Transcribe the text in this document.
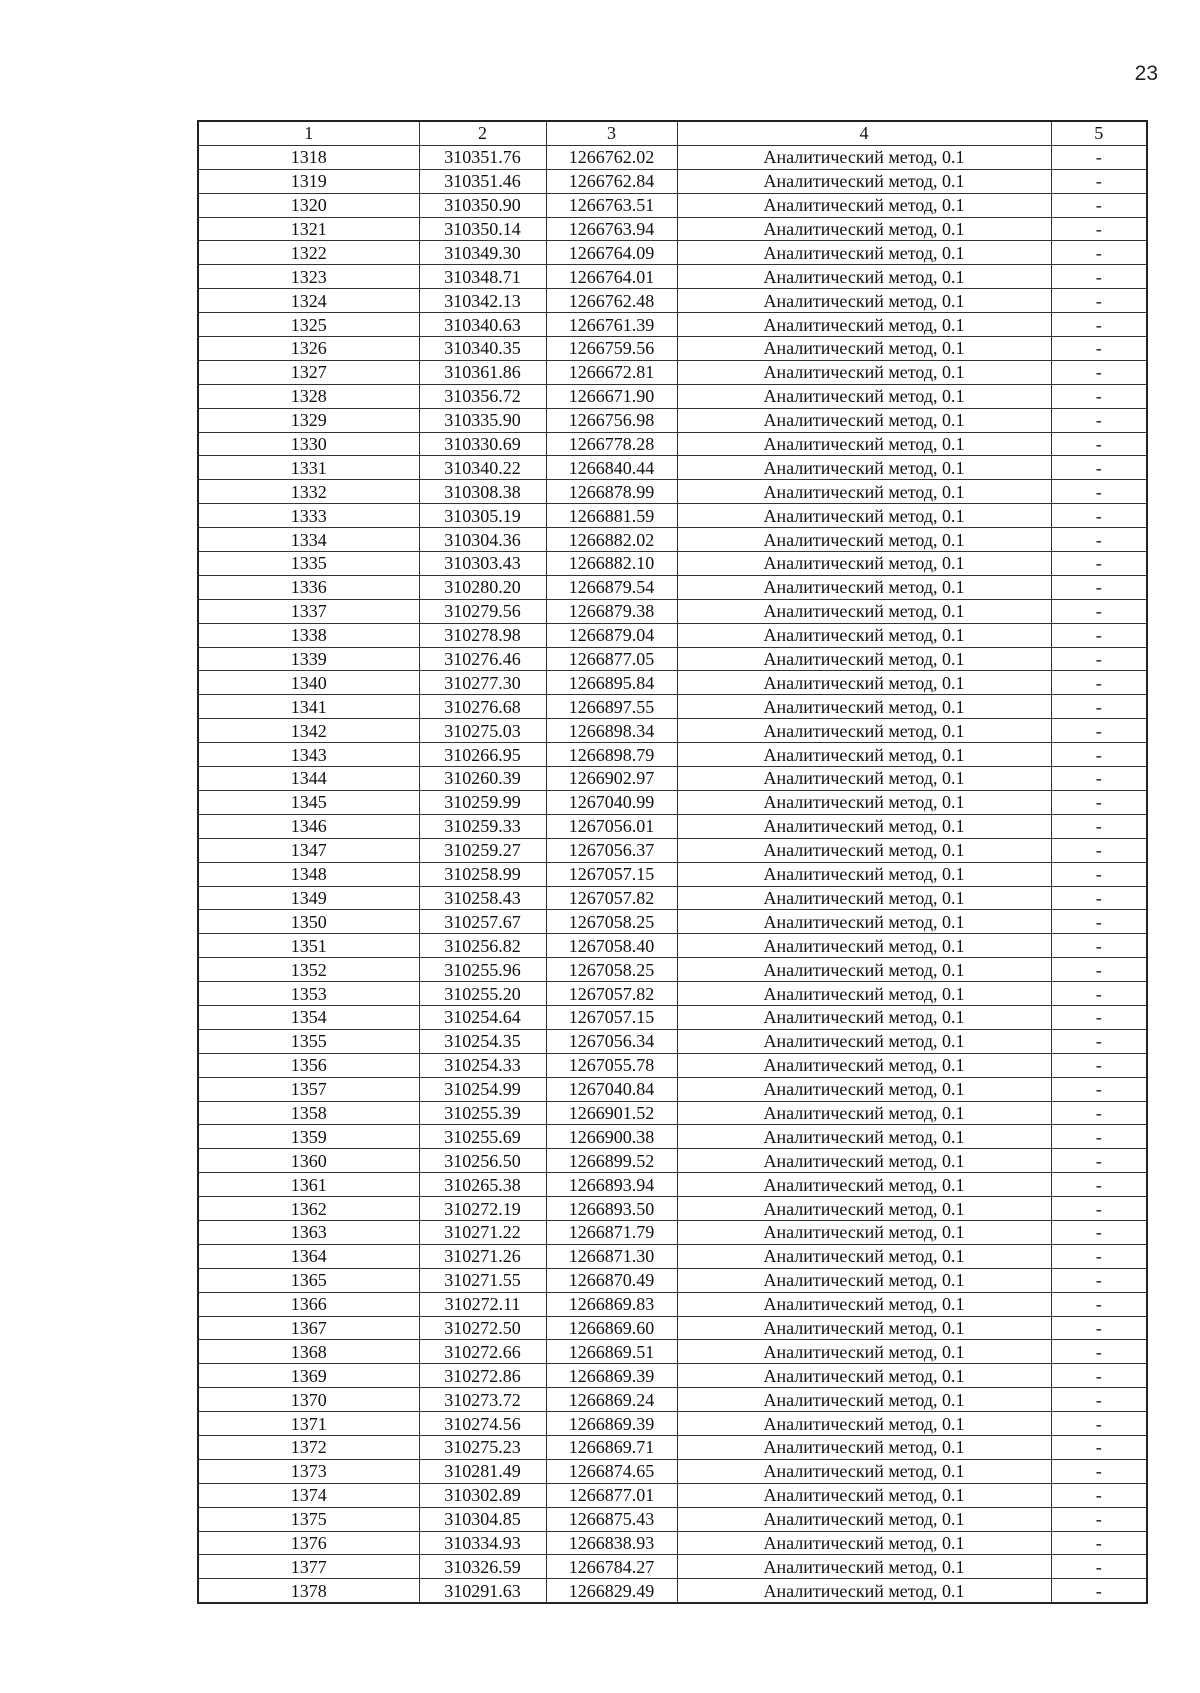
23
1	2	3	4	5
1318	310351.76	1266762.02	Аналитический метод, 0.1	-
1319	310351.46	1266762.84	Аналитический метод, 0.1	-
1320	310350.90	1266763.51	Аналитический метод, 0.1	-
1321	310350.14	1266763.94	Аналитический метод, 0.1	-
1322	310349.30	1266764.09	Аналитический метод, 0.1	-
1323	310348.71	1266764.01	Аналитический метод, 0.1	-
1324	310342.13	1266762.48	Аналитический метод, 0.1	-
1325	310340.63	1266761.39	Аналитический метод, 0.1	-
1326	310340.35	1266759.56	Аналитический метод, 0.1	-
1327	310361.86	1266672.81	Аналитический метод, 0.1	-
1328	310356.72	1266671.90	Аналитический метод, 0.1	-
1329	310335.90	1266756.98	Аналитический метод, 0.1	-
1330	310330.69	1266778.28	Аналитический метод, 0.1	-
1331	310340.22	1266840.44	Аналитический метод, 0.1	-
1332	310308.38	1266878.99	Аналитический метод, 0.1	-
1333	310305.19	1266881.59	Аналитический метод, 0.1	-
1334	310304.36	1266882.02	Аналитический метод, 0.1	-
1335	310303.43	1266882.10	Аналитический метод, 0.1	-
1336	310280.20	1266879.54	Аналитический метод, 0.1	-
1337	310279.56	1266879.38	Аналитический метод, 0.1	-
1338	310278.98	1266879.04	Аналитический метод, 0.1	-
1339	310276.46	1266877.05	Аналитический метод, 0.1	-
1340	310277.30	1266895.84	Аналитический метод, 0.1	-
1341	310276.68	1266897.55	Аналитический метод, 0.1	-
1342	310275.03	1266898.34	Аналитический метод, 0.1	-
1343	310266.95	1266898.79	Аналитический метод, 0.1	-
1344	310260.39	1266902.97	Аналитический метод, 0.1	-
1345	310259.99	1267040.99	Аналитический метод, 0.1	-
1346	310259.33	1267056.01	Аналитический метод, 0.1	-
1347	310259.27	1267056.37	Аналитический метод, 0.1	-
1348	310258.99	1267057.15	Аналитический метод, 0.1	-
1349	310258.43	1267057.82	Аналитический метод, 0.1	-
1350	310257.67	1267058.25	Аналитический метод, 0.1	-
1351	310256.82	1267058.40	Аналитический метод, 0.1	-
1352	310255.96	1267058.25	Аналитический метод, 0.1	-
1353	310255.20	1267057.82	Аналитический метод, 0.1	-
1354	310254.64	1267057.15	Аналитический метод, 0.1	-
1355	310254.35	1267056.34	Аналитический метод, 0.1	-
1356	310254.33	1267055.78	Аналитический метод, 0.1	-
1357	310254.99	1267040.84	Аналитический метод, 0.1	-
1358	310255.39	1266901.52	Аналитический метод, 0.1	-
1359	310255.69	1266900.38	Аналитический метод, 0.1	-
1360	310256.50	1266899.52	Аналитический метод, 0.1	-
1361	310265.38	1266893.94	Аналитический метод, 0.1	-
1362	310272.19	1266893.50	Аналитический метод, 0.1	-
1363	310271.22	1266871.79	Аналитический метод, 0.1	-
1364	310271.26	1266871.30	Аналитический метод, 0.1	-
1365	310271.55	1266870.49	Аналитический метод, 0.1	-
1366	310272.11	1266869.83	Аналитический метод, 0.1	-
1367	310272.50	1266869.60	Аналитический метод, 0.1	-
1368	310272.66	1266869.51	Аналитический метод, 0.1	-
1369	310272.86	1266869.39	Аналитический метод, 0.1	-
1370	310273.72	1266869.24	Аналитический метод, 0.1	-
1371	310274.56	1266869.39	Аналитический метод, 0.1	-
1372	310275.23	1266869.71	Аналитический метод, 0.1	-
1373	310281.49	1266874.65	Аналитический метод, 0.1	-
1374	310302.89	1266877.01	Аналитический метод, 0.1	-
1375	310304.85	1266875.43	Аналитический метод, 0.1	-
1376	310334.93	1266838.93	Аналитический метод, 0.1	-
1377	310326.59	1266784.27	Аналитический метод, 0.1	-
1378	310291.63	1266829.49	Аналитический метод, 0.1	-
